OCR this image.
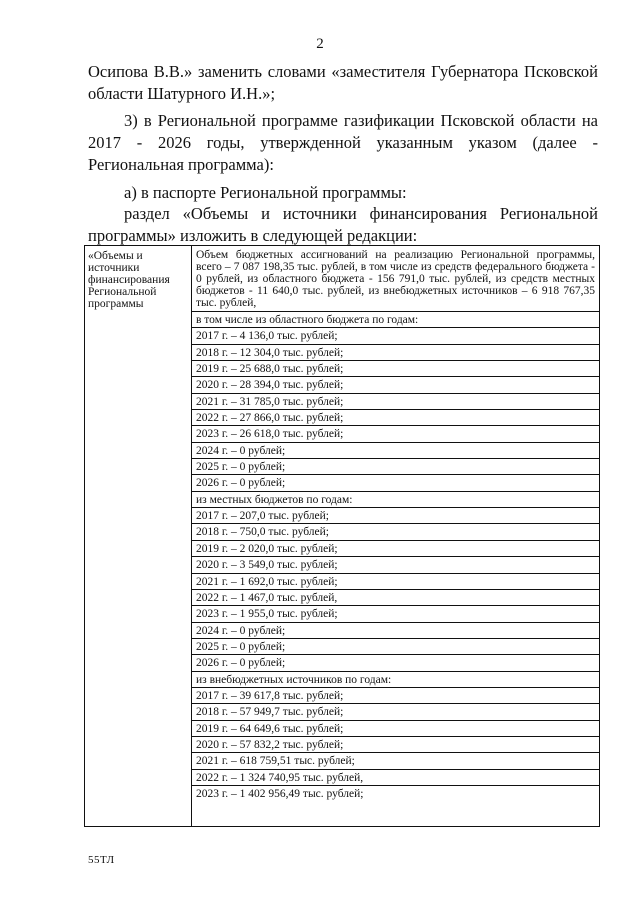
2
Осипова В.В.» заменить словами «заместителя Губернатора Псковской области Шатурного И.Н.»;
3) в Региональной программе газификации Псковской области на 2017 - 2026 годы, утвержденной указанным указом (далее - Региональная программа):
а) в паспорте Региональной программы:
раздел «Объемы и источники финансирования Региональной программы» изложить в следующей редакции:
«Объемы и источники финансирования Региональной программы
Объем бюджетных ассигнований на реализацию Региональной программы, всего – 7 087 198,35 тыс. рублей, в том числе из средств федерального бюджета - 0 рублей, из областного бюджета - 156 791,0 тыс. рублей, из средств местных бюджетов - 11 640,0 тыс. рублей, из внебюджетных источников – 6 918 767,35 тыс. рублей,
в том числе из областного бюджета по годам:
2017 г. – 4 136,0 тыс. рублей;
2018 г. – 12 304,0 тыс. рублей;
2019 г. – 25 688,0 тыс. рублей;
2020 г. – 28 394,0 тыс. рублей;
2021 г. – 31 785,0 тыс. рублей;
2022 г. – 27 866,0 тыс. рублей;
2023 г. – 26 618,0 тыс. рублей;
2024 г. – 0 рублей;
2025 г. – 0 рублей;
2026 г. – 0 рублей;
из местных бюджетов по годам:
2017 г. – 207,0 тыс. рублей;
2018 г. – 750,0 тыс. рублей;
2019 г. – 2 020,0 тыс. рублей;
2020 г. – 3 549,0 тыс. рублей;
2021 г. – 1 692,0 тыс. рублей;
2022 г. – 1 467,0 тыс. рублей,
2023 г. – 1 955,0 тыс. рублей;
2024 г. – 0 рублей;
2025 г. – 0 рублей;
2026 г. – 0 рублей;
из внебюджетных источников по годам:
2017 г. – 39 617,8 тыс. рублей;
2018 г. – 57 949,7 тыс. рублей;
2019 г. – 64 649,6 тыс. рублей;
2020 г. – 57 832,2 тыс. рублей;
2021 г. – 618 759,51 тыс. рублей;
2022 г. – 1 324 740,95 тыс. рублей,
2023 г. – 1 402 956,49 тыс. рублей;
55ТЛ
